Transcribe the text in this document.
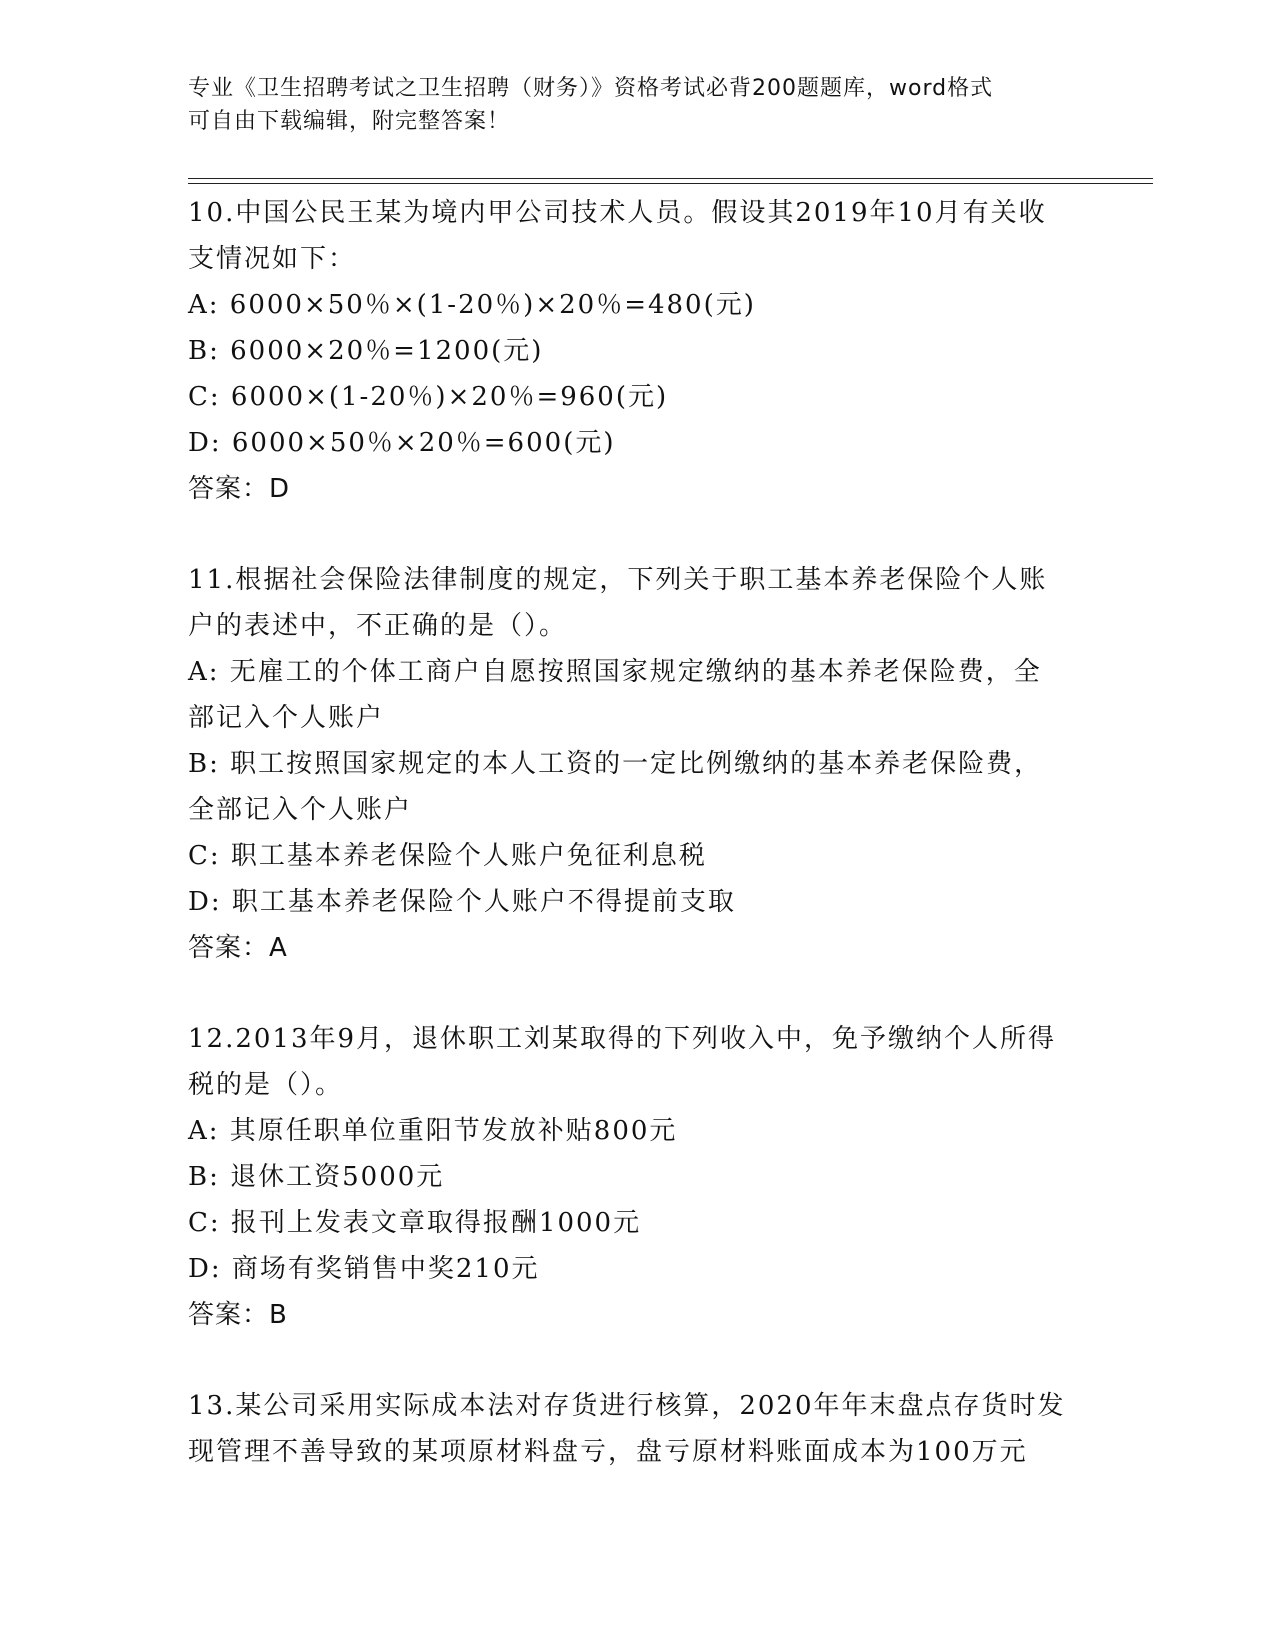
专业《卫生招聘考试之卫生招聘（财务）》资格考试必背200题题库，word格式
可自由下载编辑，附完整答案！
10.中国公民王某为境内甲公司技术人员。假设其2019年10月有关收
支情况如下：
A: 6000×50％×(1-20％)×20％=480(元)
B: 6000×20％=1200(元)
C: 6000×(1-20％)×20％=960(元)
D: 6000×50％×20％=600(元)
答案：D
11.根据社会保险法律制度的规定，下列关于职工基本养老保险个人账
户的表述中，不正确的是（）。
A: 无雇工的个体工商户自愿按照国家规定缴纳的基本养老保险费，全
部记入个人账户
B: 职工按照国家规定的本人工资的一定比例缴纳的基本养老保险费，
全部记入个人账户
C: 职工基本养老保险个人账户免征利息税
D: 职工基本养老保险个人账户不得提前支取
答案：A
12.2013年9月，退休职工刘某取得的下列收入中，免予缴纳个人所得
税的是（）。
A: 其原任职单位重阳节发放补贴800元
B: 退休工资5000元
C: 报刊上发表文章取得报酬1000元
D: 商场有奖销售中奖210元
答案：B
13.某公司采用实际成本法对存货进行核算，2020年年末盘点存货时发
现管理不善导致的某项原材料盘亏，盘亏原材料账面成本为100万元
